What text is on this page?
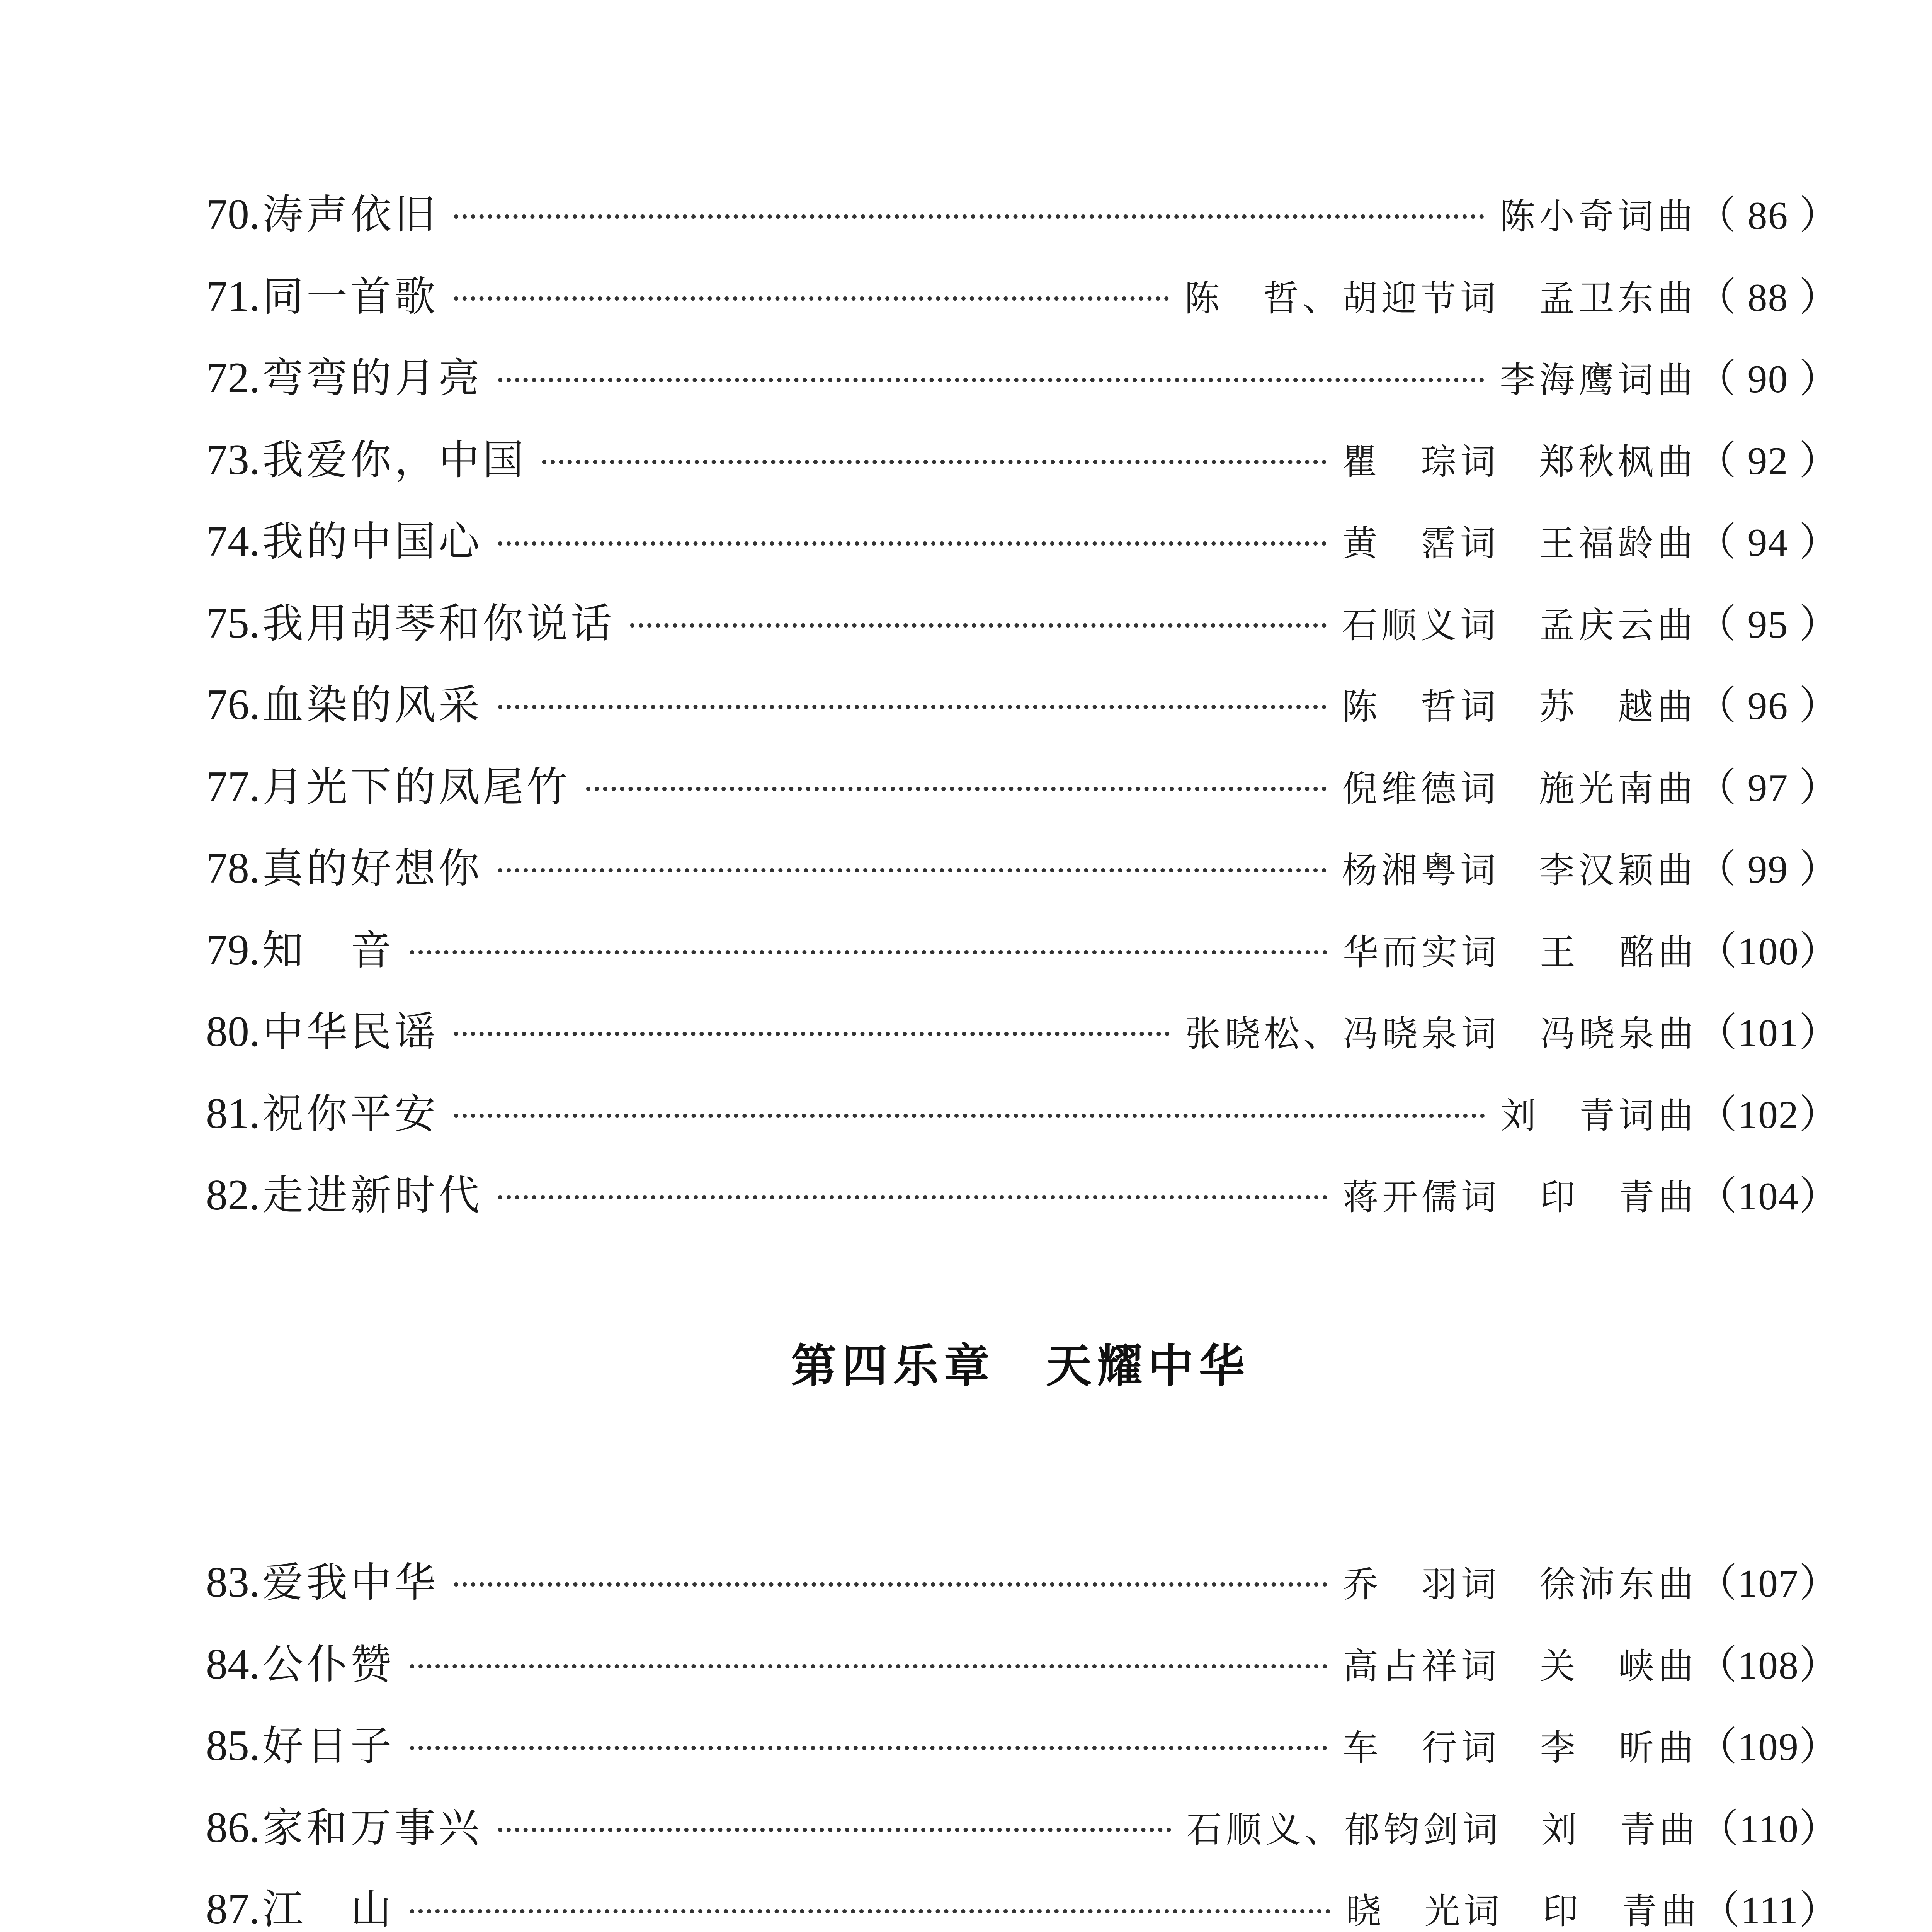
70. 涛声依旧	陈小奇词曲 （ 86 ）
71. 同一首歌	陈　哲、胡迎节词　孟卫东曲 （ 88 ）
72. 弯弯的月亮	李海鹰词曲 （ 90 ）
73. 我爱你，中国	瞿　琮词　郑秋枫曲 （ 92 ）
74. 我的中国心	黄　霑词　王福龄曲 （ 94 ）
75. 我用胡琴和你说话	石顺义词　孟庆云曲 （ 95 ）
76. 血染的风采	陈　哲词　苏　越曲 （ 96 ）
77. 月光下的凤尾竹	倪维德词　施光南曲 （ 97 ）
78. 真的好想你	杨湘粤词　李汉颖曲 （ 99 ）
79. 知　音	华而实词　王　酩曲 （100）
80. 中华民谣	张晓松、冯晓泉词　冯晓泉曲 （101）
81. 祝你平安	刘　青词曲 （102）
82. 走进新时代	蒋开儒词　印　青曲 （104）
第四乐章　天耀中华
83. 爱我中华	乔　羽词　徐沛东曲 （107）
84. 公仆赞	高占祥词　关　峡曲 （108）
85. 好日子	车　行词　李　昕曲 （109）
86. 家和万事兴	石顺义、郁钧剑词　刘　青曲 （110）
87. 江　山	晓　光词　印　青曲 （111）
